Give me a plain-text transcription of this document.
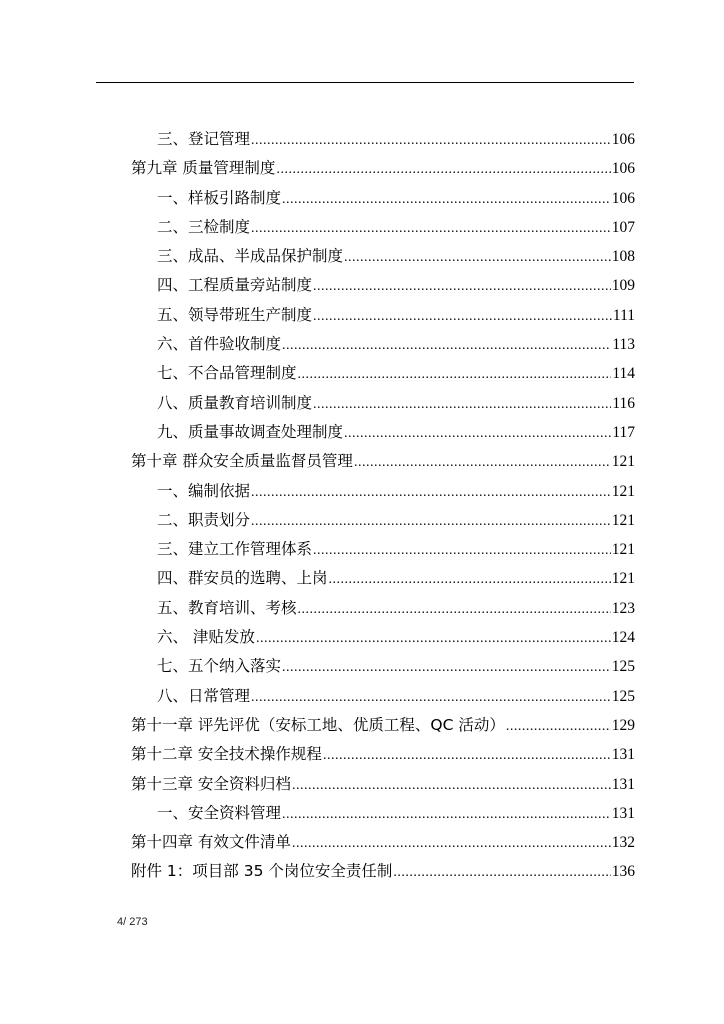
三、登记管理 .....	106
第九章 质量管理制度 .....	106
一、样板引路制度 .....	106
二、三检制度 .....	107
三、成品、半成品保护制度 .....	108
四、工程质量旁站制度 .....	109
五、领导带班生产制度 .....	111
六、首件验收制度 .....	113
七、不合品管理制度 .....	114
八、质量教育培训制度 .....	116
九、质量事故调查处理制度 .....	117
第十章 群众安全质量监督员管理 .....	121
一、编制依据 .....	121
二、职责划分 .....	121
三、建立工作管理体系 .....	121
四、群安员的选聘、上岗 .....	121
五、教育培训、考核 .....	123
六、 津贴发放 .....	124
七、五个纳入落实 .....	125
八、日常管理 .....	125
第十一章 评先评优（安标工地、优质工程、QC 活动） .....	129
第十二章 安全技术操作规程 .....	131
第十三章 安全资料归档 .....	131
一、安全资料管理 .....	131
第十四章 有效文件清单 .....	132
附件 1：项目部 35 个岗位安全责任制 .....	136
4/ 273
